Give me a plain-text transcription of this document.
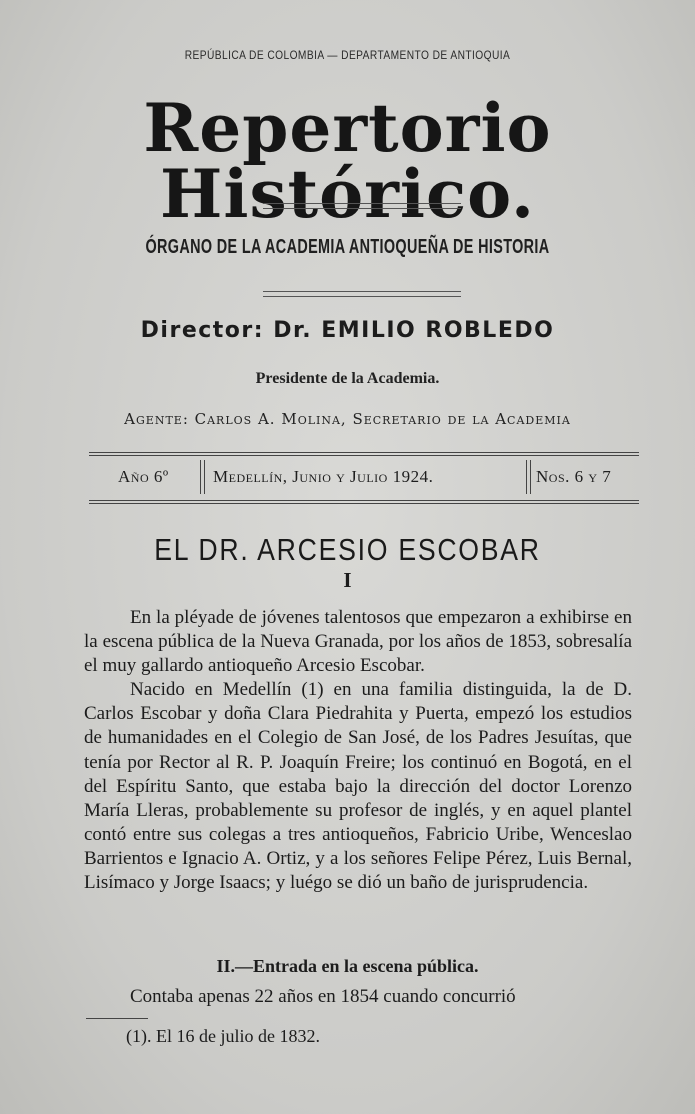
REPÚBLICA DE COLOMBIA — DEPARTAMENTO DE ANTIOQUIA
Repertorio Histórico.
ÓRGANO DE LA ACADEMIA ANTIOQUEÑA DE HISTORIA
Director: Dr. EMILIO ROBLEDO
Presidente de la Academia.
Agente: Carlos A. Molina, Secretario de la Academia
Año 6º	Medellín, Junio y Julio 1924.	Nos. 6 y 7
EL DR. ARCESIO ESCOBAR
I

En la pléyade de jóvenes talentosos que empezaron a exhibirse en la escena pública de la Nueva Granada, por los años de 1853, sobresalía el muy gallardo antioqueño Arcesio Escobar.

Nacido en Medellín (1) en una familia distinguida, la de D. Carlos Escobar y doña Clara Piedrahita y Puerta, empezó los estudios de humanidades en el Colegio de San José, de los Padres Jesuítas, que tenía por Rector al R. P. Joaquín Freire; los continuó en Bogotá, en el del Espíritu Santo, que estaba bajo la dirección del doctor Lorenzo María Lleras, probablemente su profesor de inglés, y en aquel plantel contó entre sus colegas a tres antioqueños, Fabricio Uribe, Wenceslao Barrientos e Ignacio A. Ortiz, y a los señores Felipe Pérez, Luis Bernal, Lisímaco y Jorge Isaacs; y luégo se dió un baño de jurisprudencia.

II.—Entrada en la escena pública.
Contaba apenas 22 años en 1854 cuando concurrió
(1). El 16 de julio de 1832.
